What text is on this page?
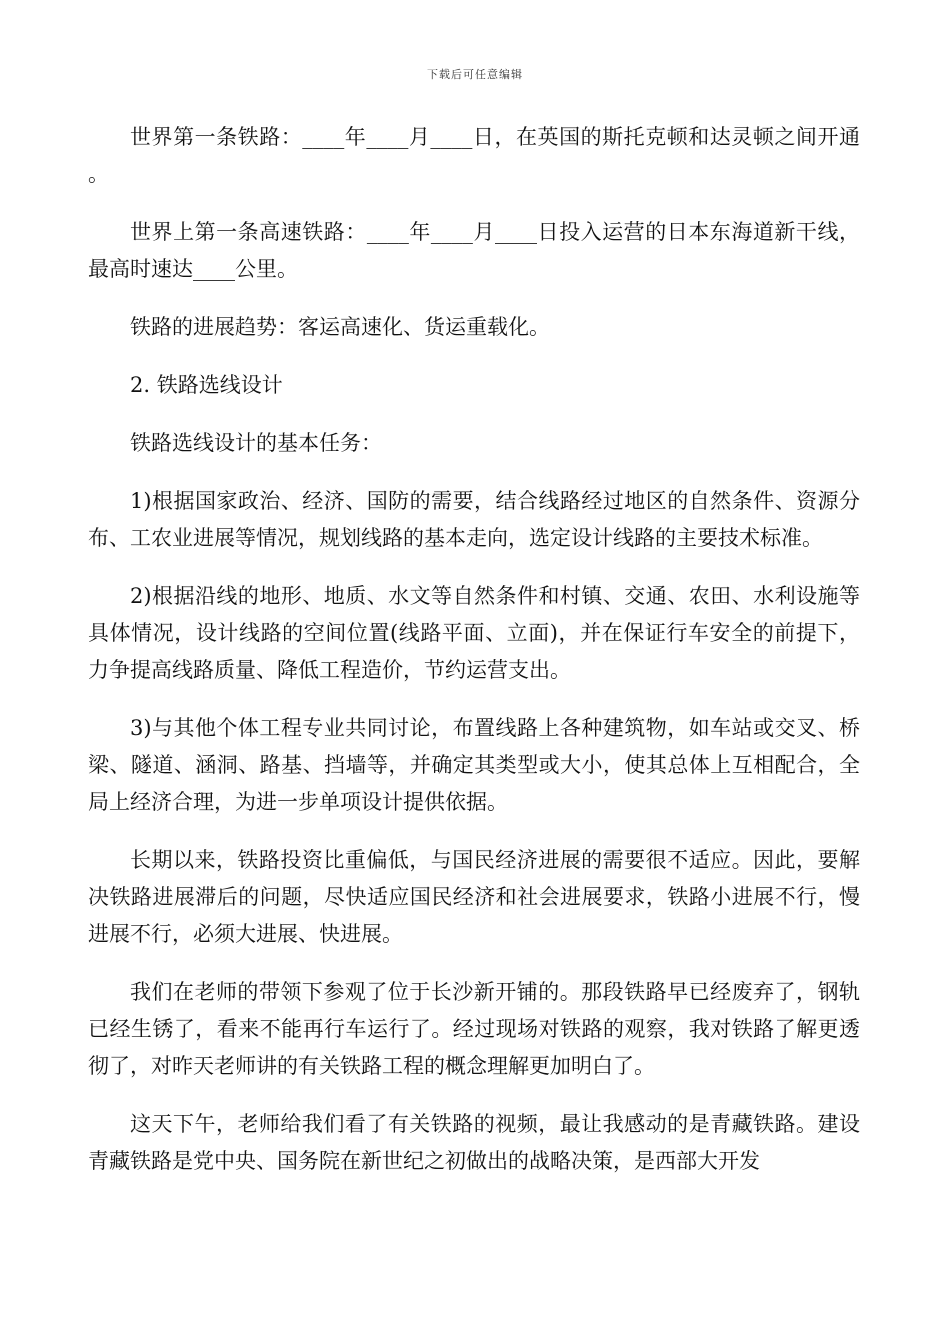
下载后可任意编辑

世界第一条铁路：____年____月____日，在英国的斯托克顿和达灵顿之间开通 。

世界上第一条高速铁路：____年____月____日投入运营的日本东海道新干线，最高时速达____公里。

铁路的进展趋势：客运高速化、货运重载化。

2. 铁路选线设计

铁路选线设计的基本任务：

1)根据国家政治、经济、国防的需要，结合线路经过地区的自然条件、资源分布、工农业进展等情况，规划线路的基本走向，选定设计线路的主要技术标准。

2)根据沿线的地形、地质、水文等自然条件和村镇、交通、农田、水利设施等具体情况，设计线路的空间位置(线路平面、立面)，并在保证行车安全的前提下，力争提高线路质量、降低工程造价，节约运营支出。

3)与其他个体工程专业共同讨论，布置线路上各种建筑物，如车站或交叉、桥梁、隧道、涵洞、路基、挡墙等，并确定其类型或大小，使其总体上互相配合，全局上经济合理，为进一步单项设计提供依据。

长期以来，铁路投资比重偏低，与国民经济进展的需要很不适应。因此，要解决铁路进展滞后的问题，尽快适应国民经济和社会进展要求，铁路小进展不行，慢进展不行，必须大进展、快进展。

我们在老师的带领下参观了位于长沙新开铺的。那段铁路早已经废弃了，钢轨已经生锈了，看来不能再行车运行了。经过现场对铁路的观察，我对铁路了解更透彻了，对昨天老师讲的有关铁路工程的概念理解更加明白了。

这天下午，老师给我们看了有关铁路的视频，最让我感动的是青藏铁路。建设青藏铁路是党中央、国务院在新世纪之初做出的战略决策，是西部大开发
